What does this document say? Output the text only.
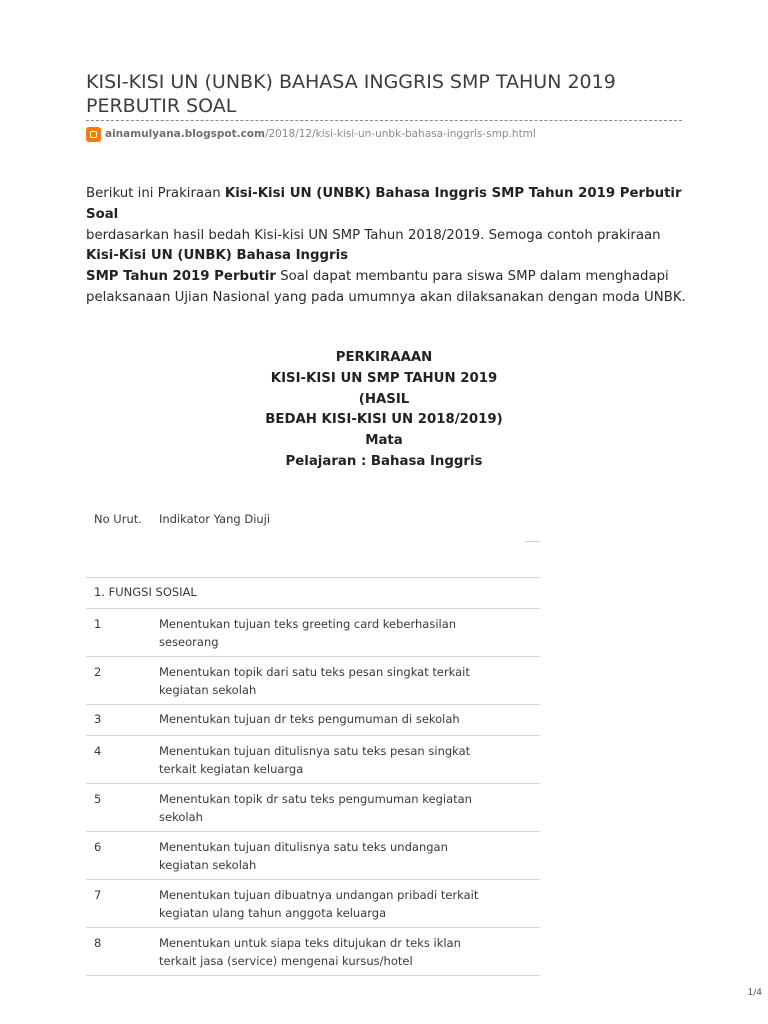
KISI-KISI UN (UNBK) BAHASA INGGRIS SMP TAHUN 2019 PERBUTIR SOAL
ainamulyana.blogspot.com /2018/12/kisi-kisi-un-unbk-bahasa-inggris-smp.html
Berikut ini Prakiraan Kisi-Kisi UN (UNBK) Bahasa Inggris SMP Tahun 2019 Perbutir Soal
berdasarkan hasil bedah Kisi-kisi UN SMP Tahun 2018/2019. Semoga contoh prakiraan Kisi-Kisi UN (UNBK) Bahasa Inggris
SMP Tahun 2019 Perbutir Soal dapat membantu para siswa SMP dalam menghadapi pelaksanaan Ujian Nasional yang pada umumnya akan dilaksanakan dengan moda UNBK.
PERKIRAAAN
KISI-KISI UN SMP TAHUN 2019
(HASIL
BEDAH KISI-KISI UN 2018/2019)
Mata
Pelajaran : Bahasa Inggris
No Urut. Indikator Yang Diuji
1. FUNGSI SOSIAL
1	Menentukan tujuan teks greeting card keberhasilan seseorang
2	Menentukan topik dari satu teks pesan singkat terkait kegiatan sekolah
3	Menentukan tujuan dr teks pengumuman di sekolah
4	Menentukan tujuan ditulisnya satu teks pesan singkat terkait kegiatan keluarga
5	Menentukan topik dr satu teks pengumuman kegiatan sekolah
6	Menentukan tujuan ditulisnya satu teks undangan kegiatan sekolah
7	Menentukan tujuan dibuatnya undangan pribadi terkait kegiatan ulang tahun anggota keluarga
8	Menentukan untuk siapa teks ditujukan dr teks iklan terkait jasa (service) mengenai kursus/hotel
1/4
